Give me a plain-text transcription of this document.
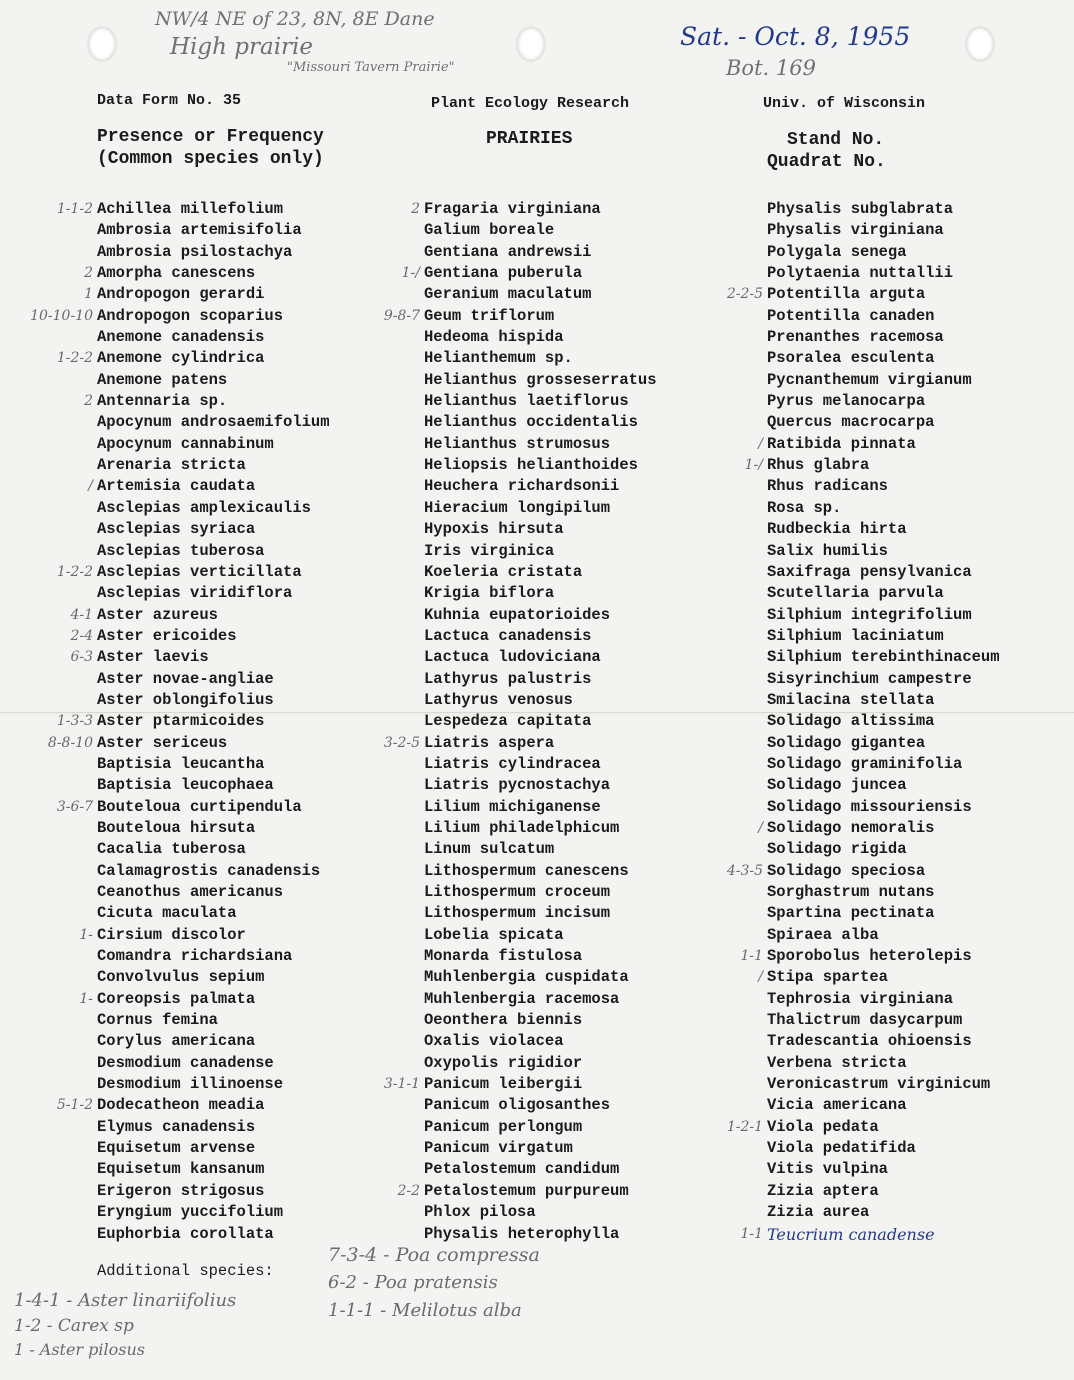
NW/4 NE of 23, 8N, 8E Dane
High prairie
"Missouri Tavern Prairie"
Sat. - Oct. 8, 1955
Bot. 169
Data Form No. 35	Plant Ecology Research	Univ. of Wisconsin
Presence or Frequency
(Common species only)
PRAIRIES	Stand No.
Quadrat No.
1-1-2 Achillea millefolium
Ambrosia artemisifolia
Ambrosia psilostachya
2 Amorpha canescens
1 Andropogon gerardi
10-10-10 Andropogon scoparius
Anemone canadensis
1-2-2 Anemone cylindrica
Anemone patens
2 Antennaria sp.
Apocynum androsaemifolium
Apocynum cannabinum
Arenaria stricta
/ Artemisia caudata
Asclepias amplexicaulis
Asclepias syriaca
Asclepias tuberosa
1-2-2 Asclepias verticillata
Asclepias viridiflora
4-1 Aster azureus
2-4 Aster ericoides
6-3 Aster laevis
Aster novae-angliae
Aster oblongifolius
1-3-3 Aster ptarmicoides
8-8-10 Aster sericeus
Baptisia leucantha
Baptisia leucophaea
3-6-7 Bouteloua curtipendula
Bouteloua hirsuta
Cacalia tuberosa
Calamagrostis canadensis
Ceanothus americanus
Cicuta maculata
1- Cirsium discolor
Comandra richardsiana
Convolvulus sepium
1- Coreopsis palmata
Cornus femina
Corylus americana
Desmodium canadense
Desmodium illinoense
5-1-2 Dodecatheon meadia
Elymus canadensis
Equisetum arvense
Equisetum kansanum
Erigeron strigosus
Eryngium yuccifolium
Euphorbia corollata
2 Fragaria virginiana
Galium boreale
Gentiana andrewsii
1-/ Gentiana puberula
Geranium maculatum
9-8-7 Geum triflorum
Hedeoma hispida
Helianthemum sp.
Helianthus grosseserratus
Helianthus laetiflorus
Helianthus occidentalis
Helianthus strumosus
Heliopsis helianthoides
Heuchera richardsonii
Hieracium longipilum
Hypoxis hirsuta
Iris virginica
Koeleria cristata
Krigia biflora
Kuhnia eupatorioides
Lactuca canadensis
Lactuca ludoviciana
Lathyrus palustris
Lathyrus venosus
Lespedeza capitata
3-2-5 Liatris aspera
Liatris cylindracea
Liatris pycnostachya
Lilium michiganense
Lilium philadelphicum
Linum sulcatum
Lithospermum canescens
Lithospermum croceum
Lithospermum incisum
Lobelia spicata
Monarda fistulosa
Muhlenbergia cuspidata
Muhlenbergia racemosa
Oeonthera biennis
Oxalis violacea
Oxypolis rigidior
3-1-1 Panicum leibergii
Panicum oligosanthes
Panicum perlongum
Panicum virgatum
Petalostemum candidum
2-2 Petalostemum purpureum
Phlox pilosa
Physalis heterophylla
Physalis subglabrata
Physalis virginiana
Polygala senega
Polytaenia nuttallii
2-2-5 Potentilla arguta
Potentilla canaden
Prenanthes racemosa
Psoralea esculenta
Pycnanthemum virgianum
Pyrus melanocarpa
Quercus macrocarpa
/ Ratibida pinnata
1-/ Rhus glabra
Rhus radicans
Rosa sp.
Rudbeckia hirta
Salix humilis
Saxifraga pensylvanica
Scutellaria parvula
Silphium integrifolium
Silphium laciniatum
Silphium terebinthinaceum
Sisyrinchium campestre
Smilacina stellata
Solidago altissima
Solidago gigantea
Solidago graminifolia
Solidago juncea
Solidago missouriensis
/ Solidago nemoralis
Solidago rigida
4-3-5 Solidago speciosa
Sorghastrum nutans
Spartina pectinata
Spiraea alba
1-1 Sporobolus heterolepis
/ Stipa spartea
Tephrosia virginiana
Thalictrum dasycarpum
Tradescantia ohioensis
Verbena stricta
Veronicastrum virginicum
Vicia americana
1-2-1 Viola pedata
Viola pedatifida
Vitis vulpina
Zizia aptera
Zizia aurea
1-1 Teucrium canadense
Additional species:
1-4-1 - Aster linariifolius
1-2 - Carex sp
1 - Aster pilosus
7-3-4 - Poa compressa
6-2 - Poa pratensis
1-1-1 - Melilotus alba
